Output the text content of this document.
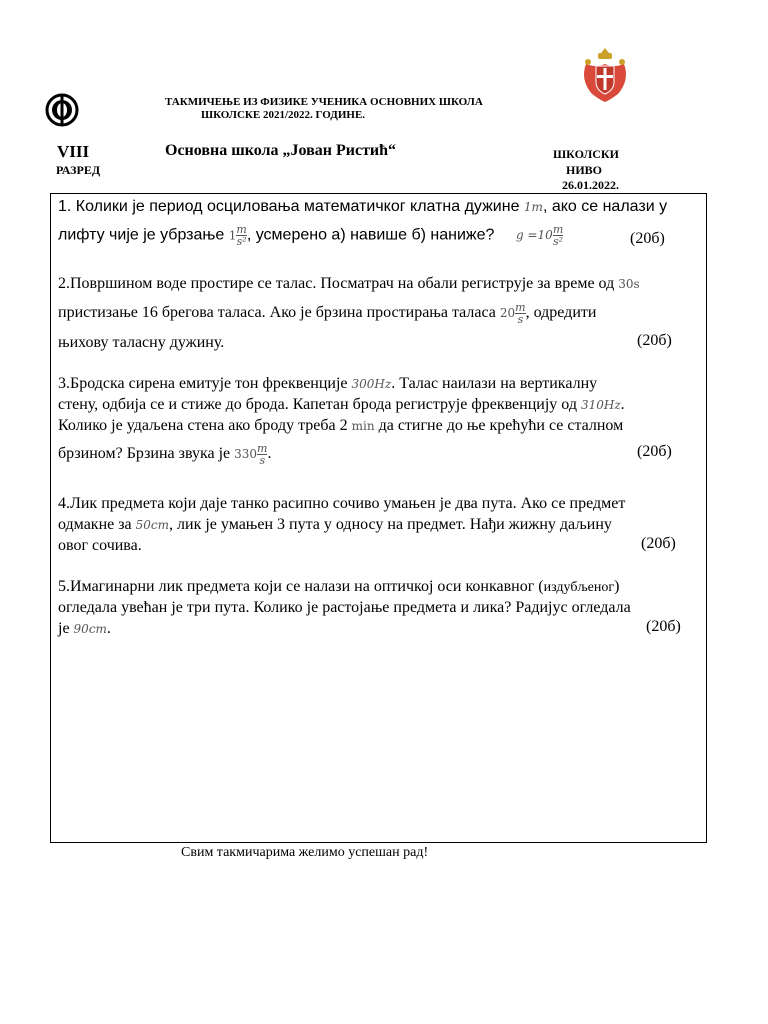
ТАКМИЧЕЊЕ ИЗ ФИЗИКЕ УЧЕНИКА ОСНОВНИХ ШКОЛА
ШКОЛСКЕ 2021/2022. ГОДИНЕ.
VIII
РАЗРЕД
Основна школа „Јован Ристић“	ШКОЛСКИ
НИВО
26.01.2022.
1. Колики је период осциловања математичког клатна дужине 1m, ако се налази у
лифту чије је убрзање $1 \frac{m}{\text{s²}}$ , усмерено а) навише б) наниже? $g =10 \frac{m}{\text{s²}}$	(20б)
2.Површином воде простире се талас. Посматрач на обали региструје за време од 30s
пристизање 16 брегова таласа. Ако је брзина простирања таласа $20 \frac{m}{s}$ , одредити
њихову таласну дужину.	(20б)
3.Бродска сирена емитује тон фреквенције 300Hz. Талас наилази на вертикалну
стену, одбија се и стиже до брода. Капетан брода региструје фреквенцију од 310Hz.
Колико је удаљена стена ако броду треба 2 min да стигне до ње крећући се сталном
брзином? Брзина звука је $330 \frac{m}{s}$ .	(20б)
4.Лик предмета који даје танко расипно сочиво умањен је два пута. Ако се предмет
одмакне за 50cm, лик је умањен 3 пута у односу на предмет. Нађи жижну даљину
овог сочива.	(20б)
5.Имагинарни лик предмета који се налази на оптичкој оси конкавног (издубљеног)
огледала увећан је три пута. Колико је растојање предмета и лика? Радијус огледала
је 90cm.	(20б)
Свим такмичарима желимо успешан рад!
